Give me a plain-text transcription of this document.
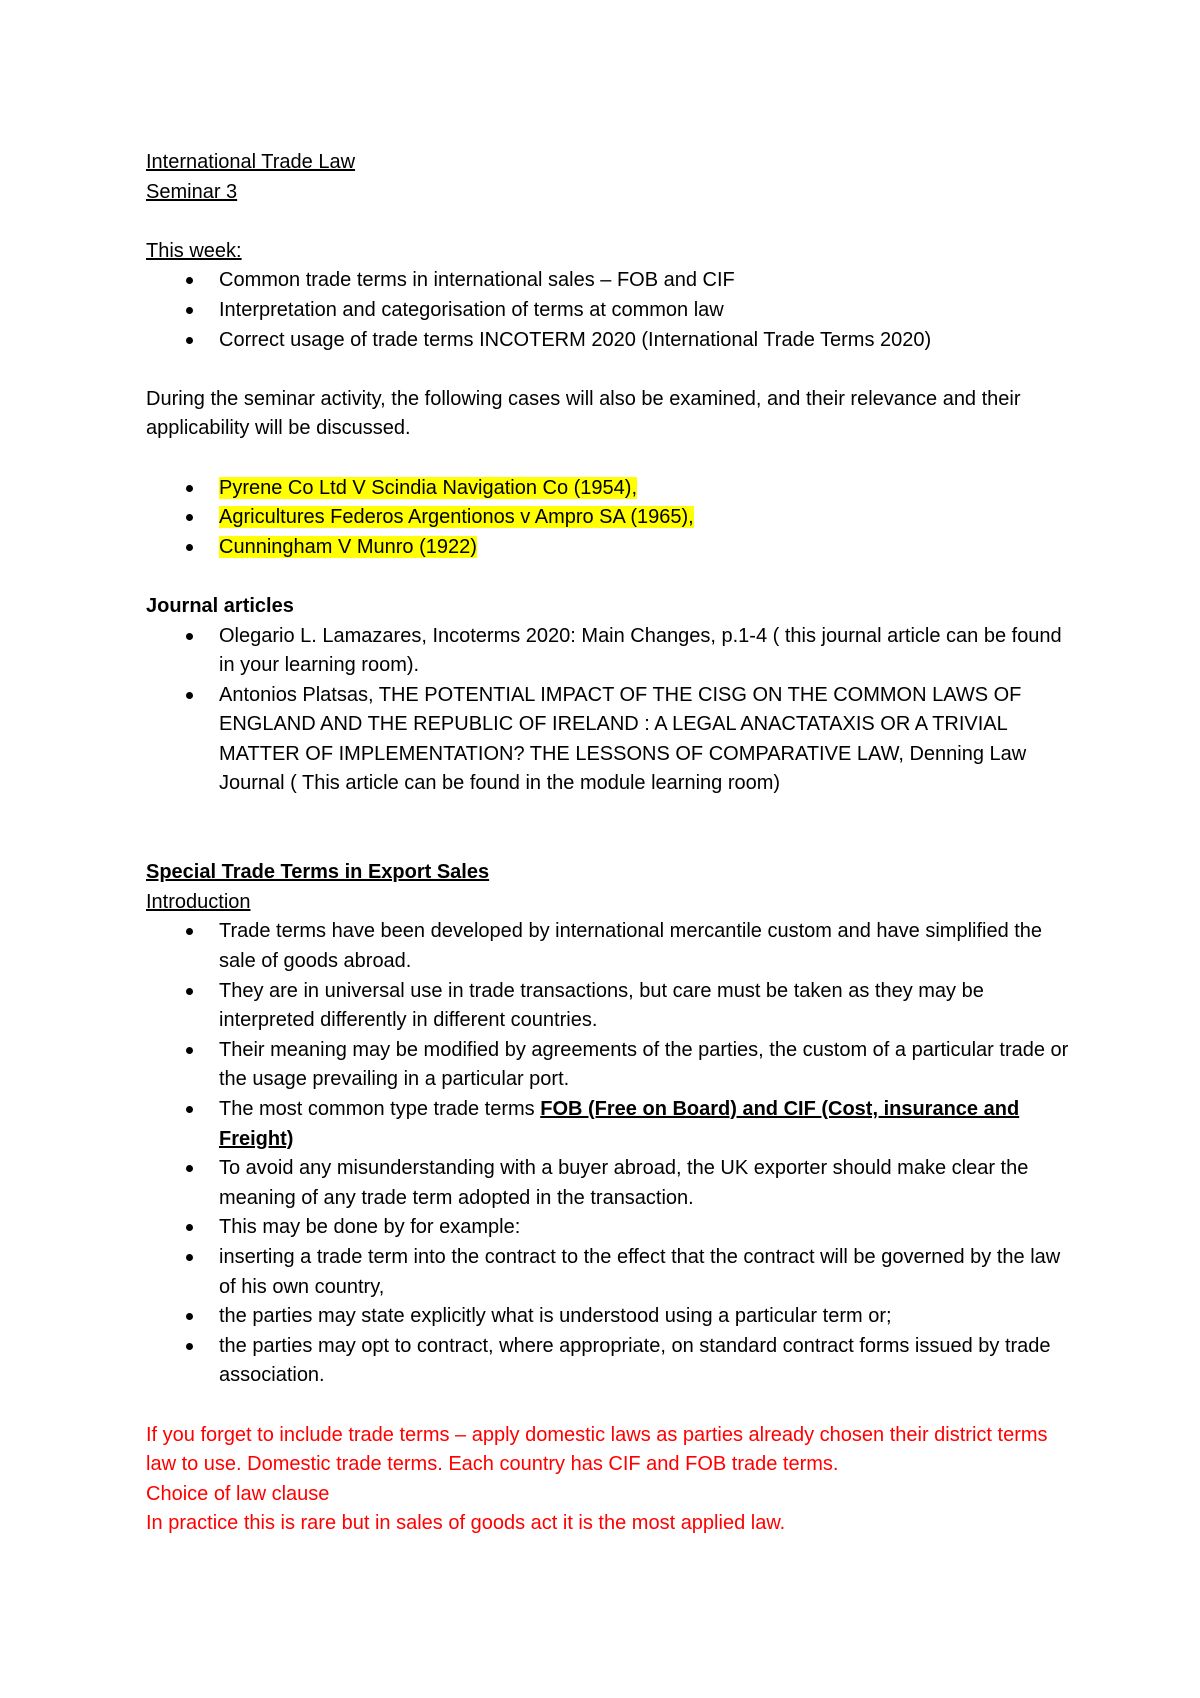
International Trade Law

Seminar 3

This week:

Common trade terms in international sales – FOB and CIF
Interpretation and categorisation of terms at common law
Correct usage of trade terms INCOTERM 2020 (International Trade Terms 2020)

During the seminar activity, the following cases will also be examined, and their relevance and their applicability will be discussed.

Pyrene Co Ltd V Scindia Navigation Co (1954),
Agricultures Federos Argentionos v Ampro SA (1965),
Cunningham V Munro (1922)

Journal articles

Olegario L. Lamazares, Incoterms 2020: Main Changes, p.1-4 ( this journal article can be found in your learning room).
Antonios Platsas, THE POTENTIAL IMPACT OF THE CISG ON THE COMMON LAWS OF ENGLAND AND THE REPUBLIC OF IRELAND : A LEGAL ANACTATAXIS OR A TRIVIAL MATTER OF IMPLEMENTATION? THE LESSONS OF COMPARATIVE LAW, Denning Law Journal ( This article can be found in the module learning room)

Special Trade Terms in Export Sales

Introduction

Trade terms have been developed by international mercantile custom and have simplified the sale of goods abroad.
They are in universal use in trade transactions, but care must be taken as they may be interpreted differently in different countries.
Their meaning may be modified by agreements of the parties, the custom of a particular trade or the usage prevailing in a particular port.
The most common type trade terms FOB (Free on Board) and CIF (Cost, insurance and Freight)
To avoid any misunderstanding with a buyer abroad, the UK exporter should make clear the meaning of any trade term adopted in the transaction.
This may be done by for example:
inserting a trade term into the contract to the effect that the contract will be governed by the law of his own country,
the parties may state explicitly what is understood using a particular term or;
the parties may opt to contract, where appropriate, on standard contract forms issued by trade association.

If you forget to include trade terms – apply domestic laws as parties already chosen their district terms law to use. Domestic trade terms. Each country has CIF and FOB trade terms.

Choice of law clause

In practice this is rare but in sales of goods act it is the most applied law.
